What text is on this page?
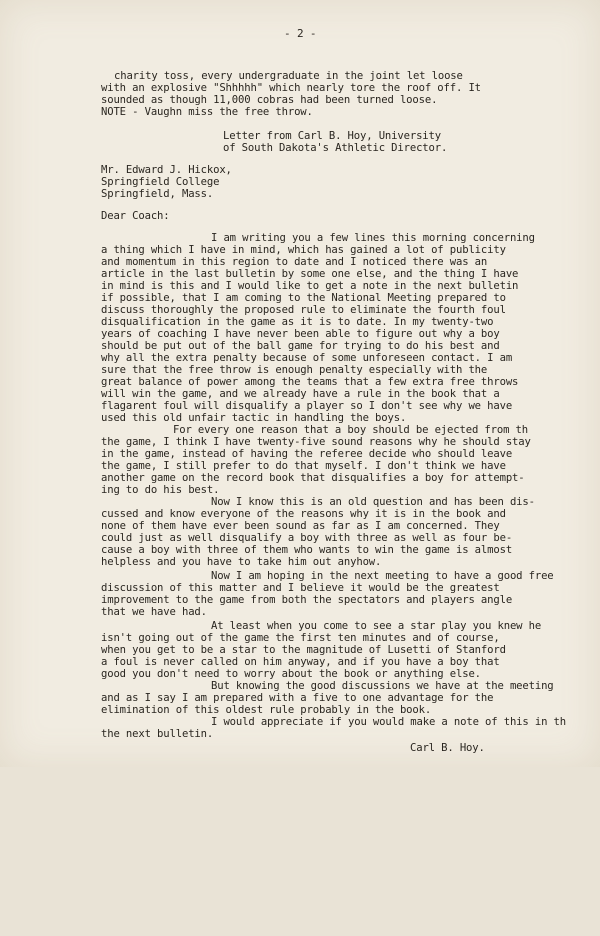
- 2 -

charity toss, every undergraduate in the joint let loose

with an explosive "Shhhhh" which nearly tore the roof off. It

sounded as though 11,000 cobras had been turned loose.

NOTE - Vaughn miss the free throw.

Letter from Carl B. Hoy, University

of South Dakota's Athletic Director.

Mr. Edward J. Hickox,

Springfield College

Springfield, Mass.

Dear Coach:

I am writing you a few lines this morning concerning

a thing which I have in mind, which has gained a lot of publicity

and momentum in this region to date and I noticed there was an

article in the last bulletin by some one else, and the thing I have

in mind is this and I would like to get a note in the next bulletin

if possible, that I am coming to the National Meeting prepared to

discuss thoroughly the proposed rule to eliminate the fourth foul

disqualification in the game as it is to date. In my twenty-two

years of coaching I have never been able to figure out why a boy

should be put out of the ball game for trying to do his best and

why all the extra penalty because of some unforeseen contact. I am

sure that the free throw is enough penalty especially with the

great balance of power among the teams that a few extra free throws

will win the game, and we already have a rule in the book that a

flagarent foul will disqualify a player so I don't see why we have

used this old unfair tactic in handling the boys.

For every one reason that a boy should be ejected from th

the game, I think I have twenty-five sound reasons why he should stay

in the game, instead of having the referee decide who should leave

the game, I still prefer to do that myself. I don't think we have

another game on the record book that disqualifies a boy for attempt-

ing to do his best.

Now I know this is an old question and has been dis-

cussed and know everyone of the reasons why it is in the book and

none of them have ever been sound as far as I am concerned. They

could just as well disqualify a boy with three as well as four be-

cause a boy with three of them who wants to win the game is almost

helpless and you have to take him out anyhow.

Now I am hoping in the next meeting to have a good free

discussion of this matter and I believe it would be the greatest

improvement to the game from both the spectators and players angle

that we have had.

At least when you come to see a star play you knew he

isn't going out of the game the first ten minutes and of course,

when you get to be a star to the magnitude of Lusetti of Stanford

a foul is never called on him anyway, and if you have a boy that

good you don't need to worry about the book or anything else.

But knowing the good discussions we have at the meeting

and as I say I am prepared with a five to one advantage for the

elimination of this oldest rule probably in the book.

I would appreciate if you would make a note of this in th

the next bulletin.

Carl B. Hoy.
